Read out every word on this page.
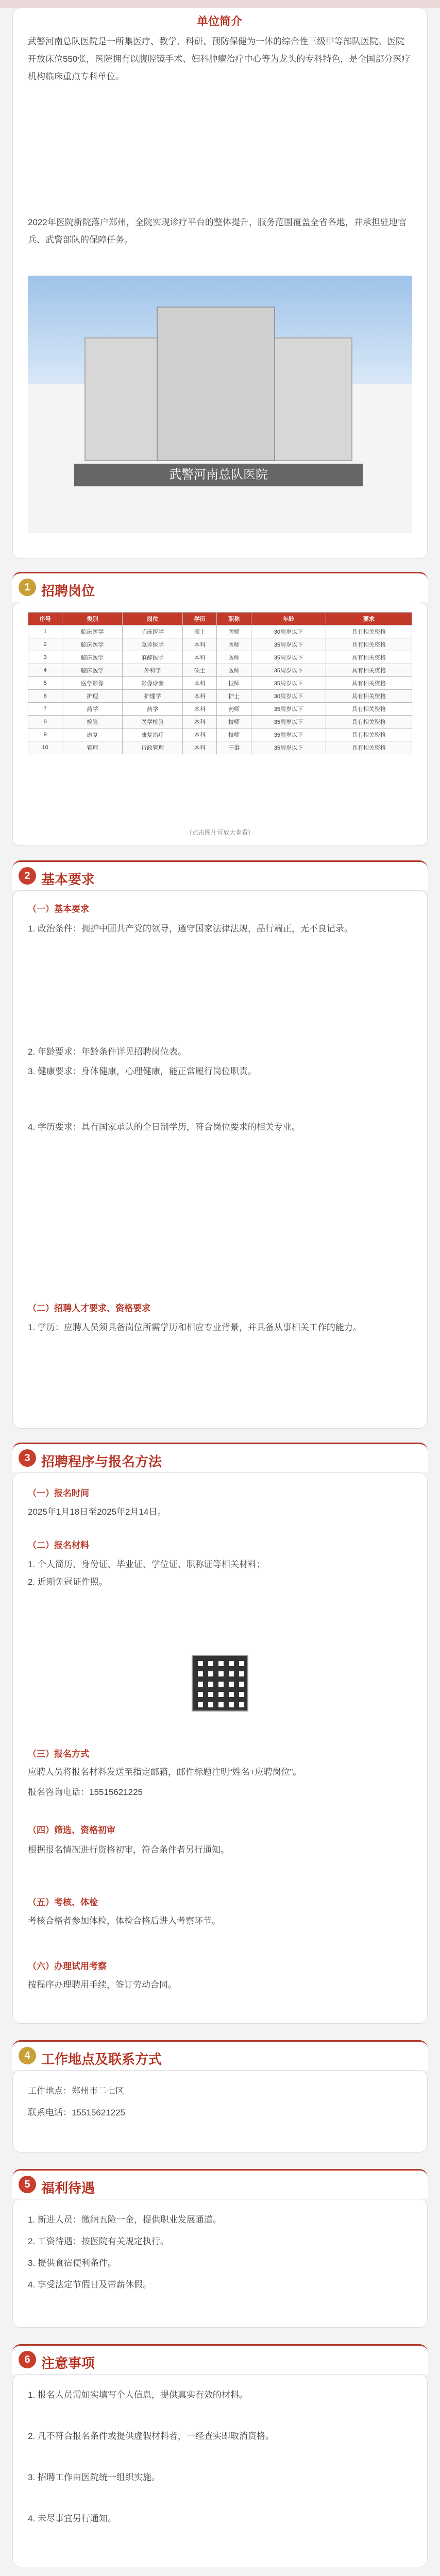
单位简介
武警河南总队医院是一所集医疗、教学、科研、预防保健为一体的综合性三级甲等部队医院。医院开放床位550张，医院拥有以腹腔镜手术、妇科肿瘤治疗中心等为龙头的专科特色，是全国部分医疗机构临床重点专科单位。
2022年医院新院落户郑州，全院实现诊疗平台的整体提升，服务范围覆盖全省各地，并承担驻地官兵、武警部队的保障任务。
武警河南总队医院
1 招聘岗位
序号	类别	岗位	学历	职称	年龄	要求
1	临床医学	临床医学	硕士	医师	30周岁以下	具有相关资格
2	临床医学	急诊医学	本科	医师	35周岁以下	具有相关资格
3	临床医学	麻醉医学	本科	医师	35周岁以下	具有相关资格
4	临床医学	外科学	硕士	医师	35周岁以下	具有相关资格
5	医学影像	影像诊断	本科	技师	35周岁以下	具有相关资格
6	护理	护理学	本科	护士	30周岁以下	具有相关资格
7	药学	药学	本科	药师	35周岁以下	具有相关资格
8	检验	医学检验	本科	技师	35周岁以下	具有相关资格
9	康复	康复治疗	本科	技师	35周岁以下	具有相关资格
10	管理	行政管理	本科	干事	35周岁以下	具有相关资格
（点击图片可放大查看）
2 基本要求
（一）基本要求
1. 政治条件：拥护中国共产党的领导，遵守国家法律法规，品行端正，无不良记录。
2. 年龄要求：年龄条件详见招聘岗位表。
3. 健康要求：身体健康，心理健康，能正常履行岗位职责。
4. 学历要求：具有国家承认的全日制学历，符合岗位要求的相关专业。
（二）招聘人才要求、资格要求
1. 学历：应聘人员须具备岗位所需学历和相应专业背景，并具备从事相关工作的能力。
3 招聘程序与报名方法
（一）报名时间
2025年1月18日至2025年2月14日。
（二）报名材料
1. 个人简历、身份证、毕业证、学位证、职称证等相关材料；
2. 近期免冠证件照。
（三）报名方式
应聘人员将报名材料发送至指定邮箱，邮件标题注明“姓名+应聘岗位”。
报名咨询电话：15515621225
（四）筛选、资格初审
根据报名情况进行资格初审，符合条件者另行通知。
（五）考核、体检
考核合格者参加体检，体检合格后进入考察环节。
（六）办理试用考察
按程序办理聘用手续，签订劳动合同。
4 工作地点及联系方式
工作地点：郑州市二七区
联系电话：15515621225
5 福利待遇
1. 新进人员：缴纳五险一金，提供职业发展通道。
2. 工资待遇：按医院有关规定执行。
3. 提供食宿便利条件。
4. 享受法定节假日及带薪休假。
6 注意事项
1. 报名人员需如实填写个人信息，提供真实有效的材料。
2. 凡不符合报名条件或提供虚假材料者，一经查实即取消资格。
3. 招聘工作由医院统一组织实施。
4. 未尽事宜另行通知。
